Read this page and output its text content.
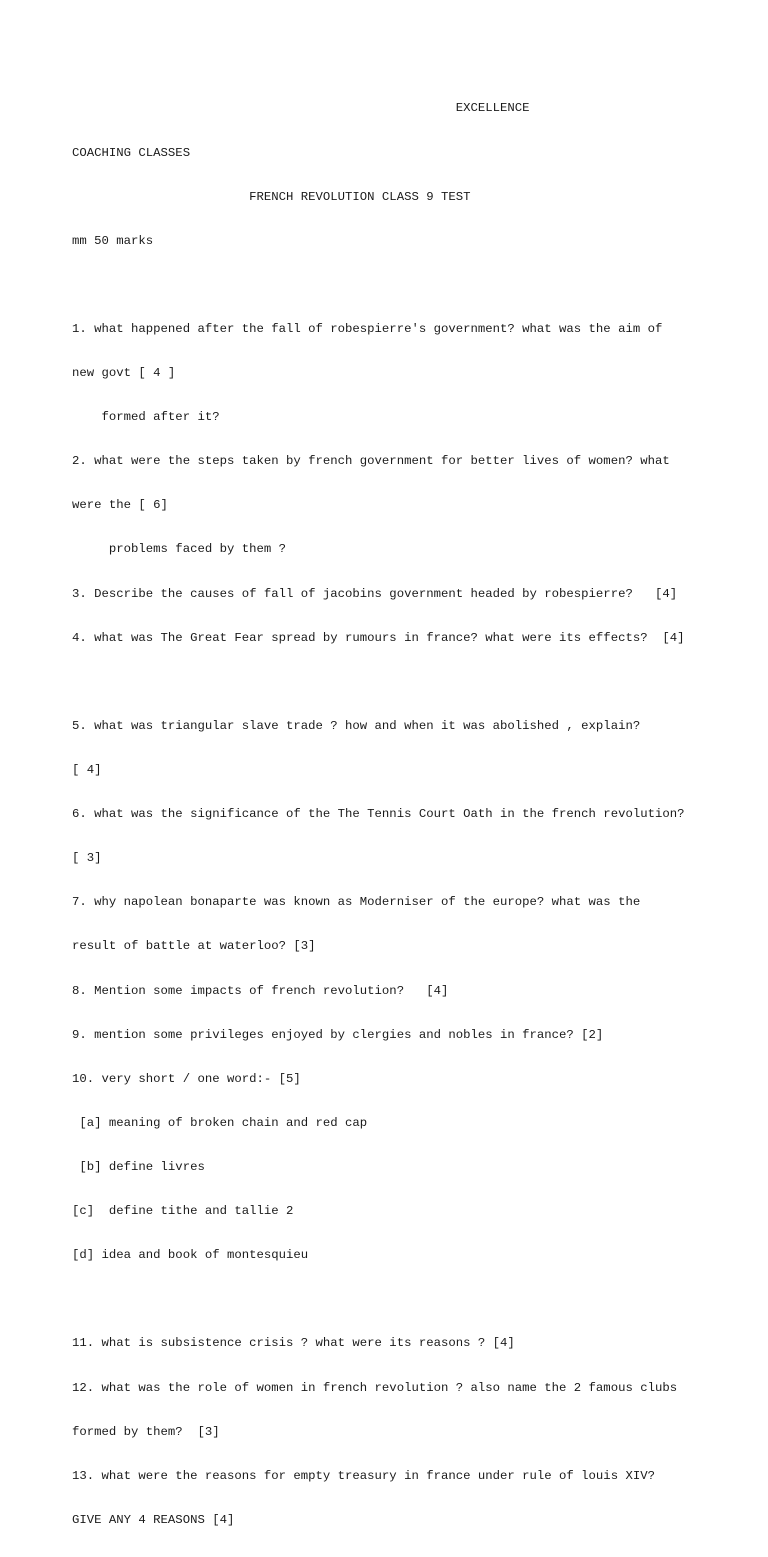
EXCELLENCE

COACHING CLASSES

FRENCH REVOLUTION CLASS 9 TEST

mm 50 marks

1. what happened after the fall of robespierre's government? what was the aim of

new govt [ 4 ]

formed after it?

2. what were the steps taken by french government for better lives of women? what

were the [ 6]

problems faced by them ?

3. Describe the causes of fall of jacobins government headed by robespierre?   [4]

4. what was The Great Fear spread by rumours in france? what were its effects?  [4]

5. what was triangular slave trade ? how and when it was abolished , explain?

[ 4]

6. what was the significance of the The Tennis Court Oath in the french revolution?

[ 3]

7. why napolean bonaparte was known as Moderniser of the europe? what was the

result of battle at waterloo? [3]

8. Mention some impacts of french revolution?   [4]

9. mention some privileges enjoyed by clergies and nobles in france? [2]

10. very short / one word:- [5]

[a] meaning of broken chain and red cap

[b] define livres

[c]  define tithe and tallie 2

[d] idea and book of montesquieu

11. what is subsistence crisis ? what were its reasons ? [4]

12. what was the role of women in french revolution ? also name the 2 famous clubs

formed by them?  [3]

13. what were the reasons for empty treasury in france under rule of louis XIV?

GIVE ANY 4 REASONS [4]
